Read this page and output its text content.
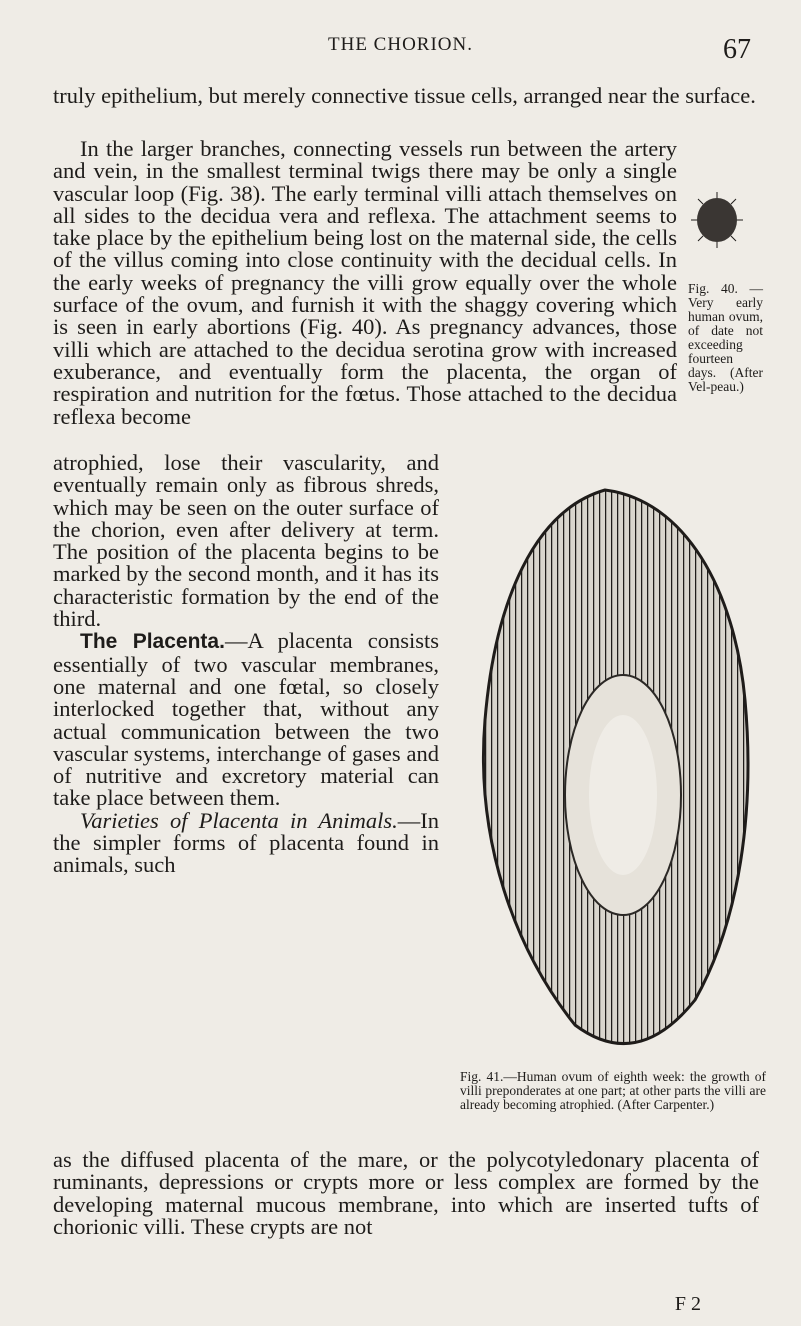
THE CHORION.	67

truly epithelium, but merely connective tissue cells, arranged near the surface.

In the larger branches, connecting vessels run between the artery and vein, in the smallest terminal twigs there may be only a single vascular loop (Fig. 38). The early terminal villi attach themselves on all sides to the decidua vera and reflexa. The attachment seems to take place by the epithelium being lost on the maternal side, the cells of the villus coming into close continuity with the decidual cells. In the early weeks of pregnancy the villi grow equally over the whole surface of the ovum, and furnish it with the shaggy covering which is seen in early abortions (Fig. 40). As pregnancy advances, those villi which are attached to the decidua serotina grow with increased exuberance, and eventually form the placenta, the organ of respiration and nutrition for the fœtus. Those attached to the decidua reflexa become

Fig. 40. — Very early human ovum, of date not exceeding fourteen days. (After Vel-peau.)

atrophied, lose their vascularity, and eventually remain only as fibrous shreds, which may be seen on the outer surface of the chorion, even after delivery at term. The position of the placenta begins to be marked by the second month, and it has its characteristic formation by the end of the third.

The Placenta.—A placenta consists essentially of two vascular membranes, one maternal and one fœtal, so closely interlocked together that, without any actual communication between the two vascular systems, interchange of gases and of nutritive and excretory material can take place between them.

Varieties of Placenta in Animals.—In the simpler forms of placenta found in animals, such

Fig. 41.—Human ovum of eighth week: the growth of villi preponderates at one part; at other parts the villi are already becoming atrophied. (After Carpenter.)

as the diffused placenta of the mare, or the polycotyledonary placenta of ruminants, depressions or crypts more or less complex are formed by the developing maternal mucous membrane, into which are inserted tufts of chorionic villi. These crypts are not

F 2
